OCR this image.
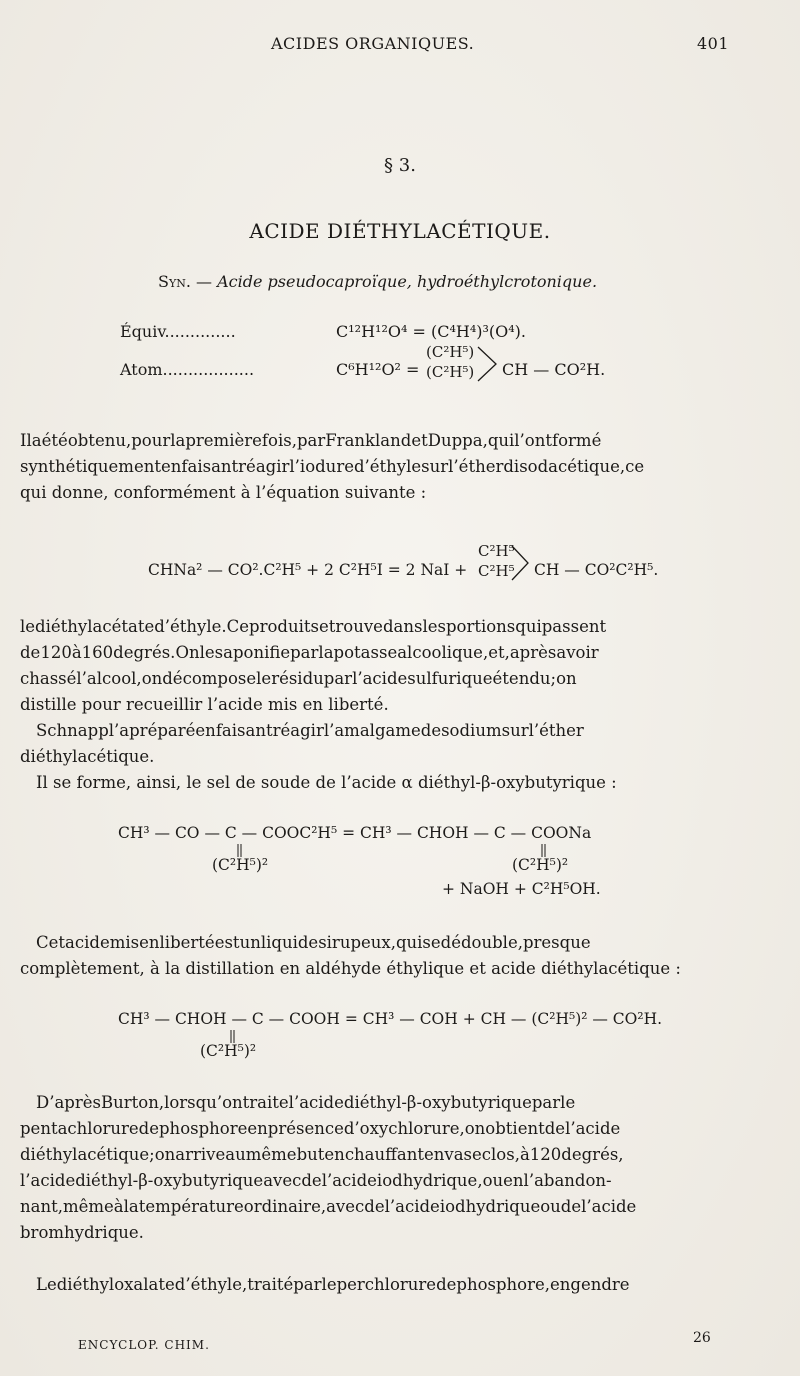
ACIDES ORGANIQUES.	401
§ 3.
ACIDE DIÉTHYLACÉTIQUE.
Syn. — Acide pseudocaproïque, hydroéthylcrotonique.
Équiv..............	C¹²H¹²O⁴ = (C⁴H⁴)³(O⁴).
Atom..................	C⁶H¹²O² =
(C²H⁵)
(C²H⁵) CH — CO²H.
Ilaétéobtenu,pourlapremièrefois,parFranklandetDuppa,quil’ontformé
synthétiquementenfaisantréagirl’iodured’éthylesurl’étherdisodacétique,ce
qui donne, conformément à l’équation suivante :
CHNa² — CO².C²H⁵ + 2 C²H⁵I = 2 NaI +
C²H⁵
C²H⁵ CH — CO²C²H⁵.
lediéthylacétated’éthyle.Ceproduitsetrouvedanslesportionsquipassent
de120à160degrés.Onlesaponifieparlapotassealcoolique,et,aprèsavoir
chassél’alcool,ondécomposelerésiduparl’acidesulfuriqueétendu;on
distille pour recueillir l’acide mis en liberté.
Schnappl’apréparéenfaisantréagirl’amalgamedesodiumsurl’éther
diéthylacétique.
Il se forme, ainsi, le sel de soude de l’acide α diéthyl-β-oxybutyrique :
CH³ — CO — C — COOC²H⁵ = CH³ — CHOH — C — COONa
(C²H⁵)²	(C²H⁵)²
+ NaOH + C²H⁵OH.
Cetacidemisenlibertéestunliquidesirupeux,quisedédouble,presque
complètement, à la distillation en aldéhyde éthylique et acide diéthylacétique :
CH³ — CHOH — C — COOH = CH³ — COH + CH — (C²H⁵)² — CO²H.
(C²H⁵)²
D’aprèsBurton,lorsqu’ontraitel’acidediéthyl-β-oxybutyriqueparle
pentachloruredephosphoreenprésenced’oxychlorure,onobtientdel’acide
diéthylacétique;onarriveaumêmebutenchauffantenvaseclos,à120degrés,
l’acidediéthyl-β-oxybutyriqueavecdel’acideiodhydrique,ouenl’abandon-
nant,mêmeàlatempératureordinaire,avecdel’acideiodhydriqueoudel’acide
bromhydrique.
Lediéthyloxalated’éthyle,traitéparleperchloruredephosphore,engendre
ENCYCLOP. CHIM.	26
